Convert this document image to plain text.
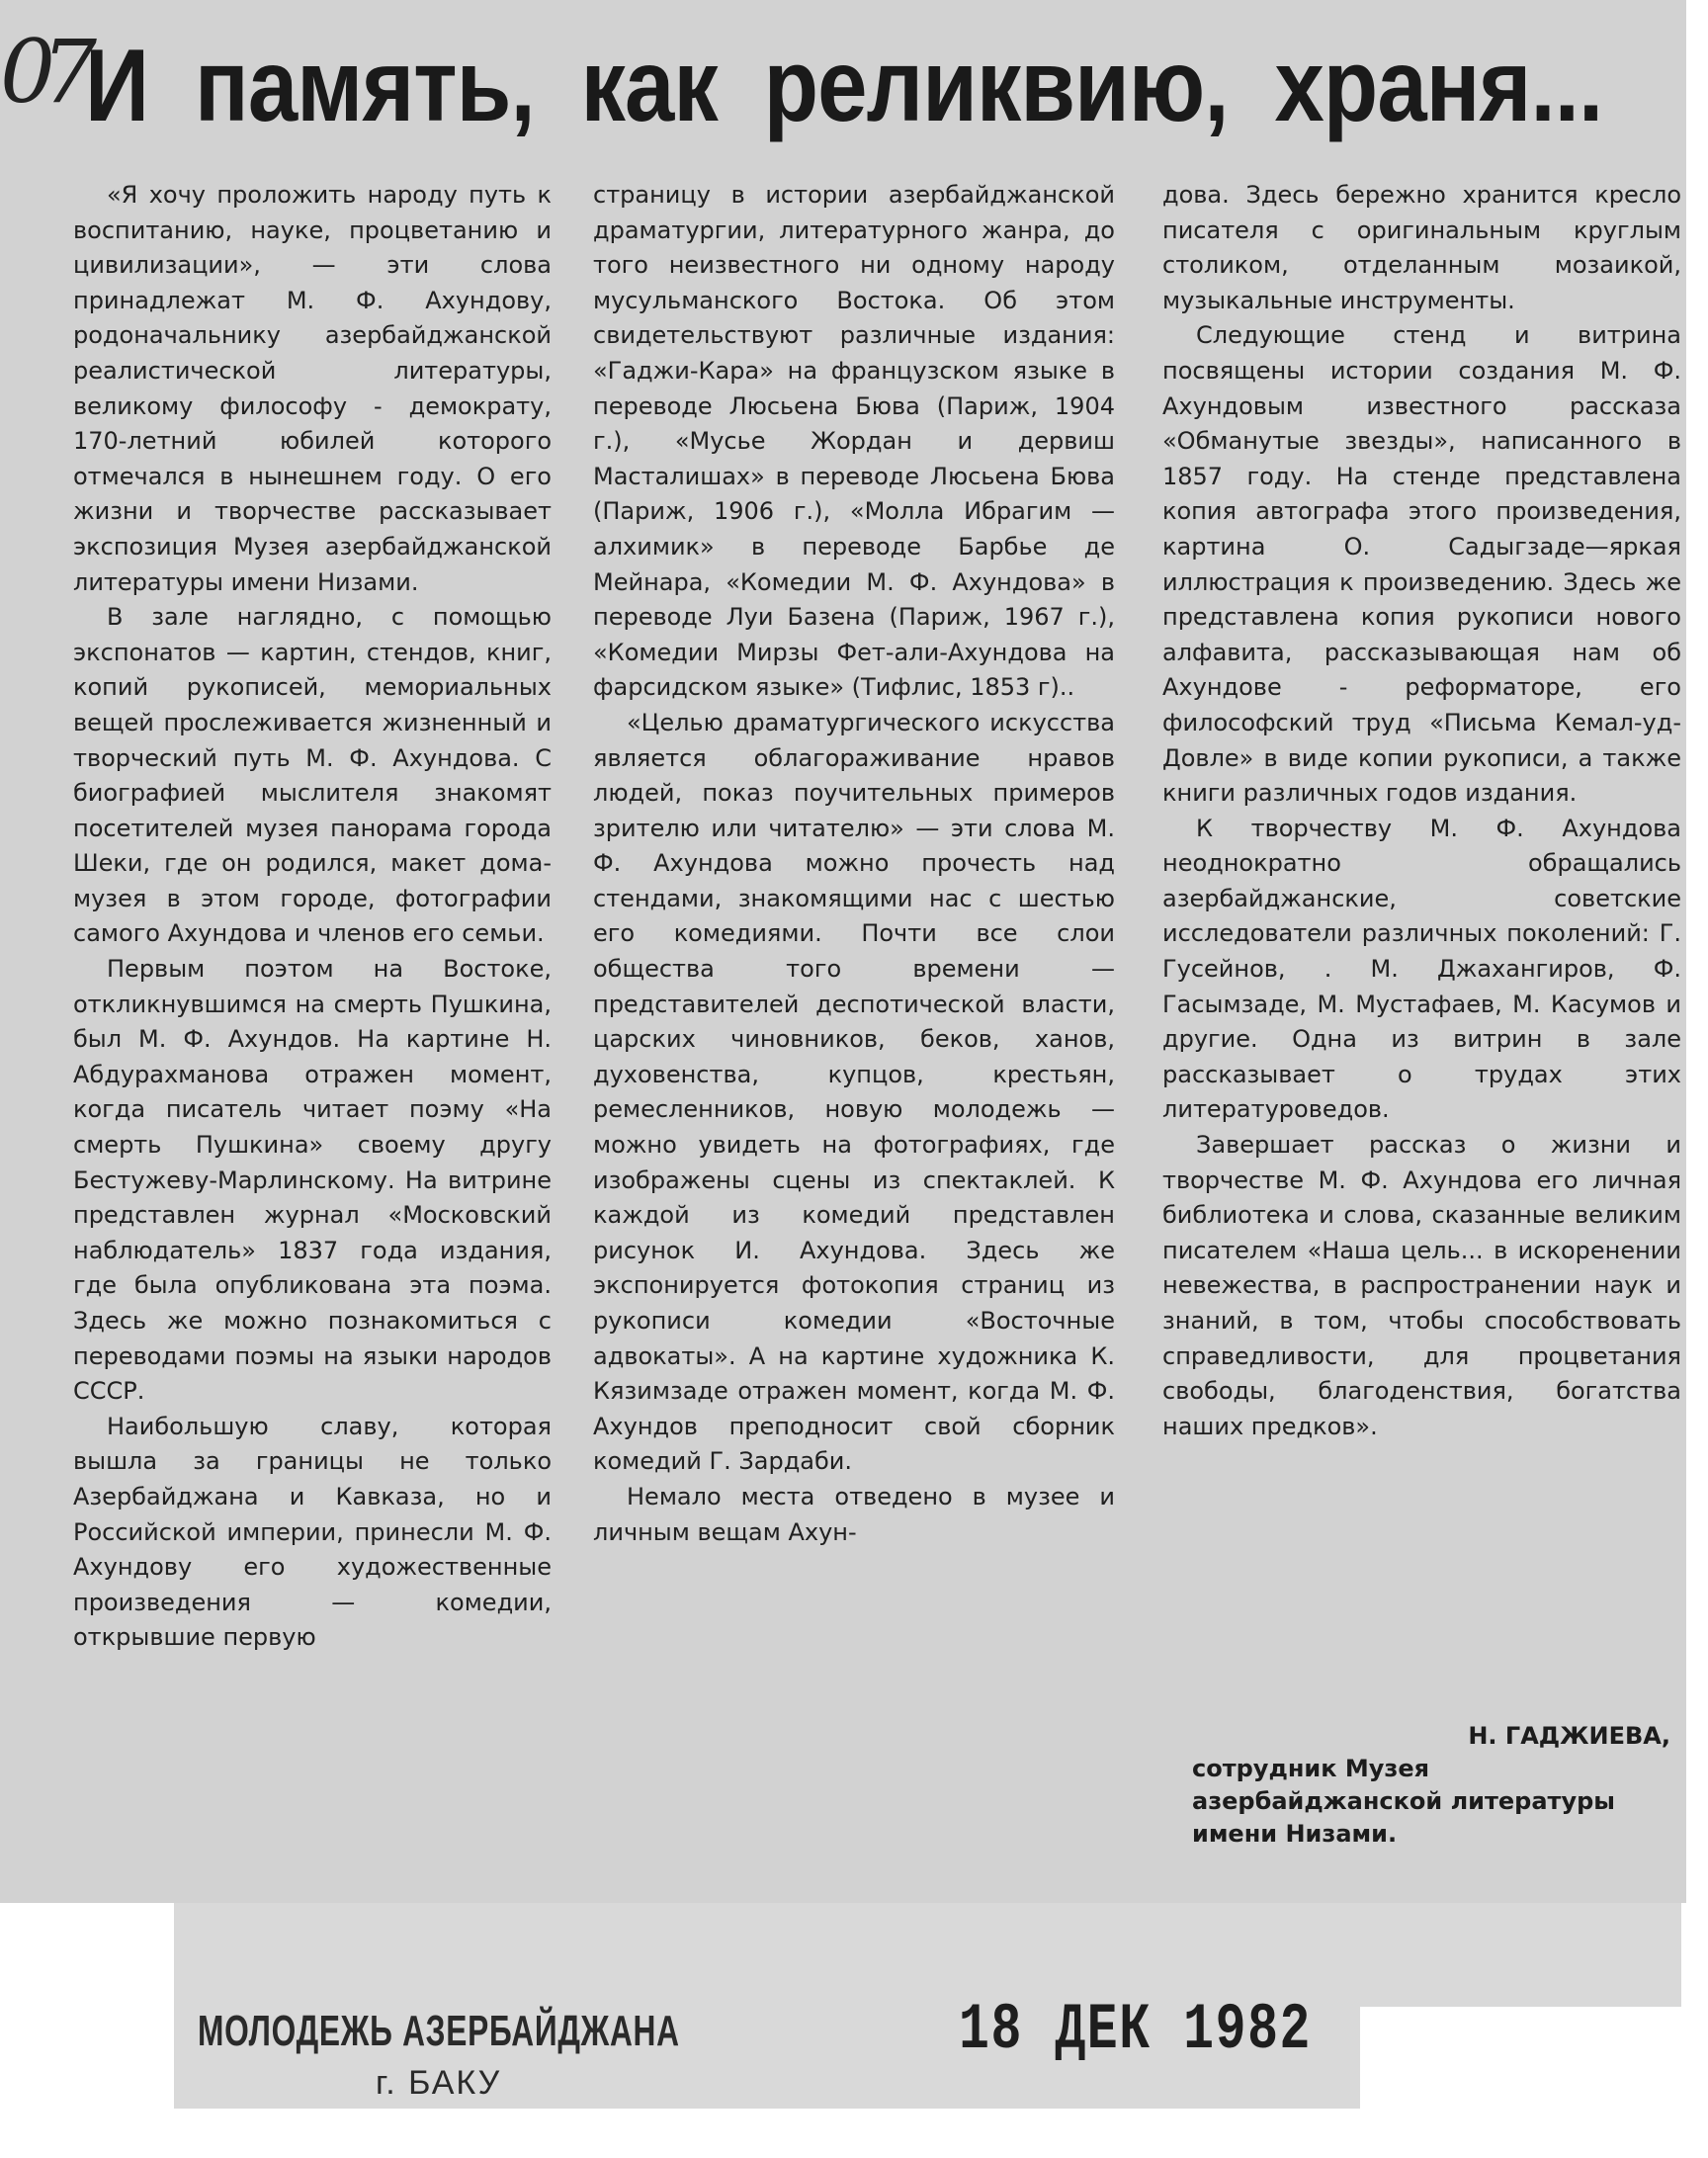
07 И память, как реликвию, храня...

«Я хочу проложить народу путь к воспитанию, науке, процветанию и цивилизации», — эти слова принадлежат М. Ф. Ахундову, родоначальнику азербайджанской реалистической литературы, великому философу - демократу, 170-летний юбилей которого отмечался в нынешнем году. О его жизни и творчестве рассказывает экспозиция Музея азербайджанской литературы имени Низами.

В зале наглядно, с помощью экспонатов — картин, стендов, книг, копий рукописей, мемориальных вещей прослеживается жизненный и творческий путь М. Ф. Ахундова. С биографией мыслителя знакомят посетителей музея панорама города Шеки, где он родился, макет дома-музея в этом городе, фотографии самого Ахундова и членов его семьи.

Первым поэтом на Востоке, откликнувшимся на смерть Пушкина, был М. Ф. Ахундов. На картине Н. Абдурахманова отражен момент, когда писатель читает поэму «На смерть Пушкина» своему другу Бестужеву-Марлинскому. На витрине представлен журнал «Московский наблюдатель» 1837 года издания, где была опубликована эта поэма. Здесь же можно познакомиться с переводами поэмы на языки народов СССР.

Наибольшую славу, которая вышла за границы не только Азербайджана и Кавказа, но и Российской империи, принесли М. Ф. Ахундову его художественные произведения — комедии, открывшие первую

страницу в истории азербайджанской драматургии, литературного жанра, до того неизвестного ни одному народу мусульманского Востока. Об этом свидетельствуют различные издания: «Гаджи-Кара» на французском языке в переводе Люсьена Бюва (Париж, 1904 г.), «Мусье Жордан и дервиш Масталишах» в переводе Люсьена Бюва (Париж, 1906 г.), «Молла Ибрагим — алхимик» в переводе Барбье де Мейнара, «Комедии М. Ф. Ахундова» в переводе Луи Базена (Париж, 1967 г.), «Комедии Мирзы Фет-али-Ахундова на фарсидском языке» (Тифлис, 1853 г)..

«Целью драматургического искусства является облагораживание нравов людей, показ поучительных примеров зрителю или читателю» — эти слова М. Ф. Ахундова можно прочесть над стендами, знакомящими нас с шестью его комедиями. Почти все слои общества того времени — представителей деспотической власти, царских чиновников, беков, ханов, духовенства, купцов, крестьян, ремесленников, новую молодежь — можно увидеть на фотографиях, где изображены сцены из спектаклей. К каждой из комедий представлен рисунок И. Ахундова. Здесь же экспонируется фотокопия страниц из рукописи комедии «Восточные адвокаты». А на картине художника К. Кязимзаде отражен момент, когда М. Ф. Ахундов преподносит свой сборник комедий Г. Зардаби.

Немало места отведено в музее и личным вещам Ахун-

дова. Здесь бережно хранится кресло писателя с оригинальным круглым столиком, отделанным мозаикой, музыкальные инструменты.

Следующие стенд и витрина посвящены истории создания М. Ф. Ахундовым известного рассказа «Обманутые звезды», написанного в 1857 году. На стенде представлена копия автографа этого произведения, картина О. Садыгзаде—яркая иллюстрация к произведению. Здесь же представлена копия рукописи нового алфавита, рассказывающая нам об Ахундове - реформаторе, его философский труд «Письма Кемал-уд-Довле» в виде копии рукописи, а также книги различных годов издания.

К творчеству М. Ф. Ахундова неоднократно обращались азербайджанские, советские исследователи различных поколений: Г. Гусейнов, . М. Джахангиров, Ф. Гасымзаде, М. Мустафаев, М. Касумов и другие. Одна из витрин в зале рассказывает о трудах этих литературоведов.

Завершает рассказ о жизни и творчестве М. Ф. Ахундова его личная библиотека и слова, сказанные великим писателем «Наша цель... в искоренении невежества, в распространении наук и знаний, в том, чтобы способствовать справедливости, для процветания свободы, благоденствия, богатства наших предков».

Н. ГАДЖИЕВА,
сотрудник Музея азербайджанской литературы имени Низами.
МОЛОДЕЖЬ АЗЕРБАЙДЖАНА
г. БАКУ
18 ДЕК 1982
